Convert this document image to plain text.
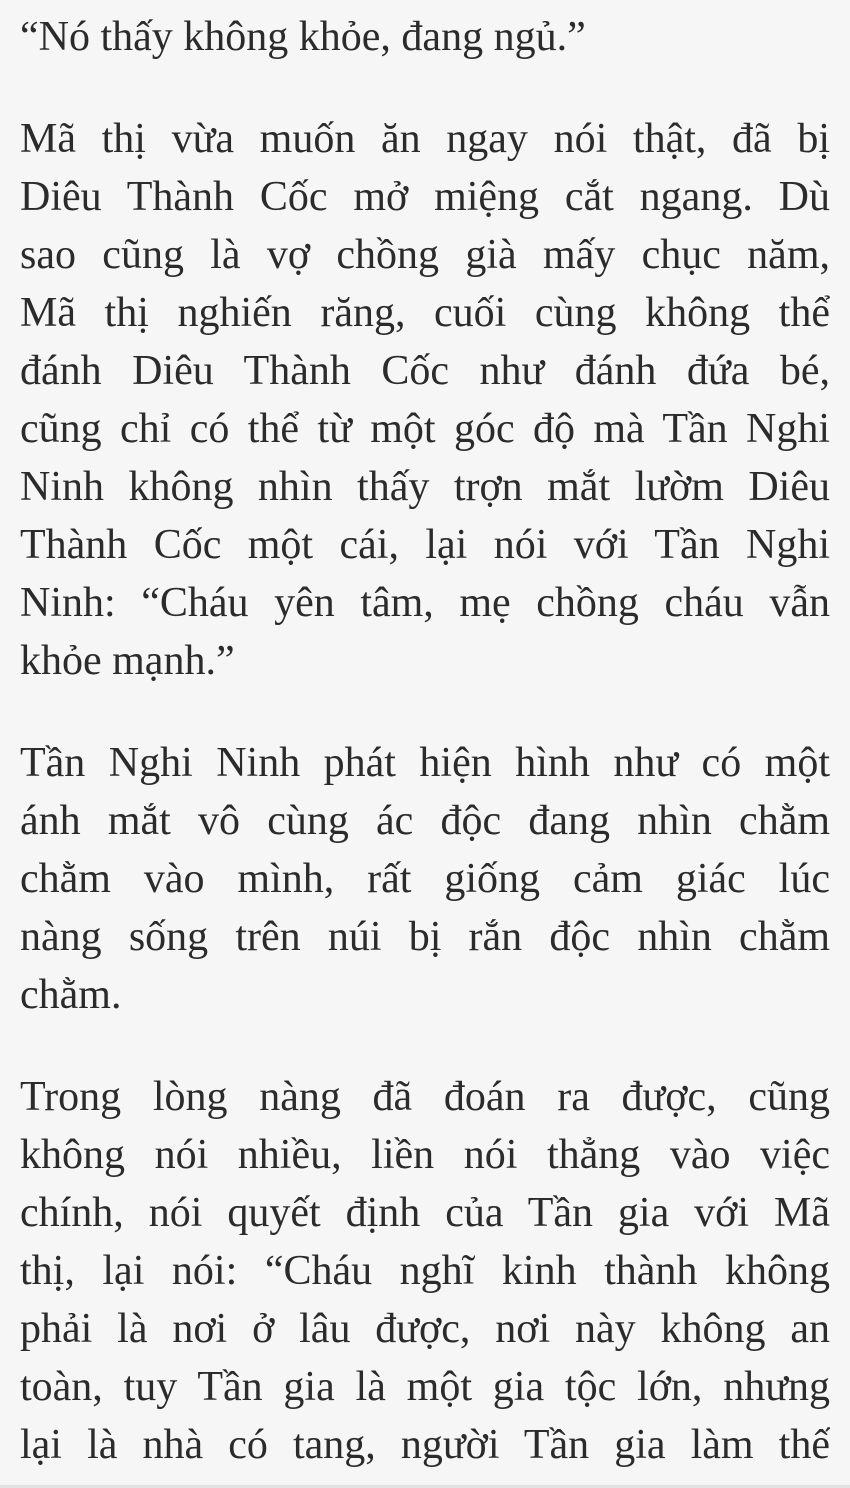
“Nó thấy không khỏe, đang ngủ.”
Mã thị vừa muốn ăn ngay nói thật, đã bị
Diêu Thành Cốc mở miệng cắt ngang. Dù
sao cũng là vợ chồng già mấy chục năm,
Mã thị nghiến răng, cuối cùng không thể
đánh Diêu Thành Cốc như đánh đứa bé,
cũng chỉ có thể từ một góc độ mà Tần Nghi
Ninh không nhìn thấy trợn mắt lườm Diêu
Thành Cốc một cái, lại nói với Tần Nghi
Ninh: “Cháu yên tâm, mẹ chồng cháu vẫn
khỏe mạnh.”
Tần Nghi Ninh phát hiện hình như có một
ánh mắt vô cùng ác độc đang nhìn chằm
chằm vào mình, rất giống cảm giác lúc
nàng sống trên núi bị rắn độc nhìn chằm
chằm.
Trong lòng nàng đã đoán ra được, cũng
không nói nhiều, liền nói thẳng vào việc
chính, nói quyết định của Tần gia với Mã
thị, lại nói: “Cháu nghĩ kinh thành không
phải là nơi ở lâu được, nơi này không an
toàn, tuy Tần gia là một gia tộc lớn, nhưng
lại là nhà có tang, người Tần gia làm thế
